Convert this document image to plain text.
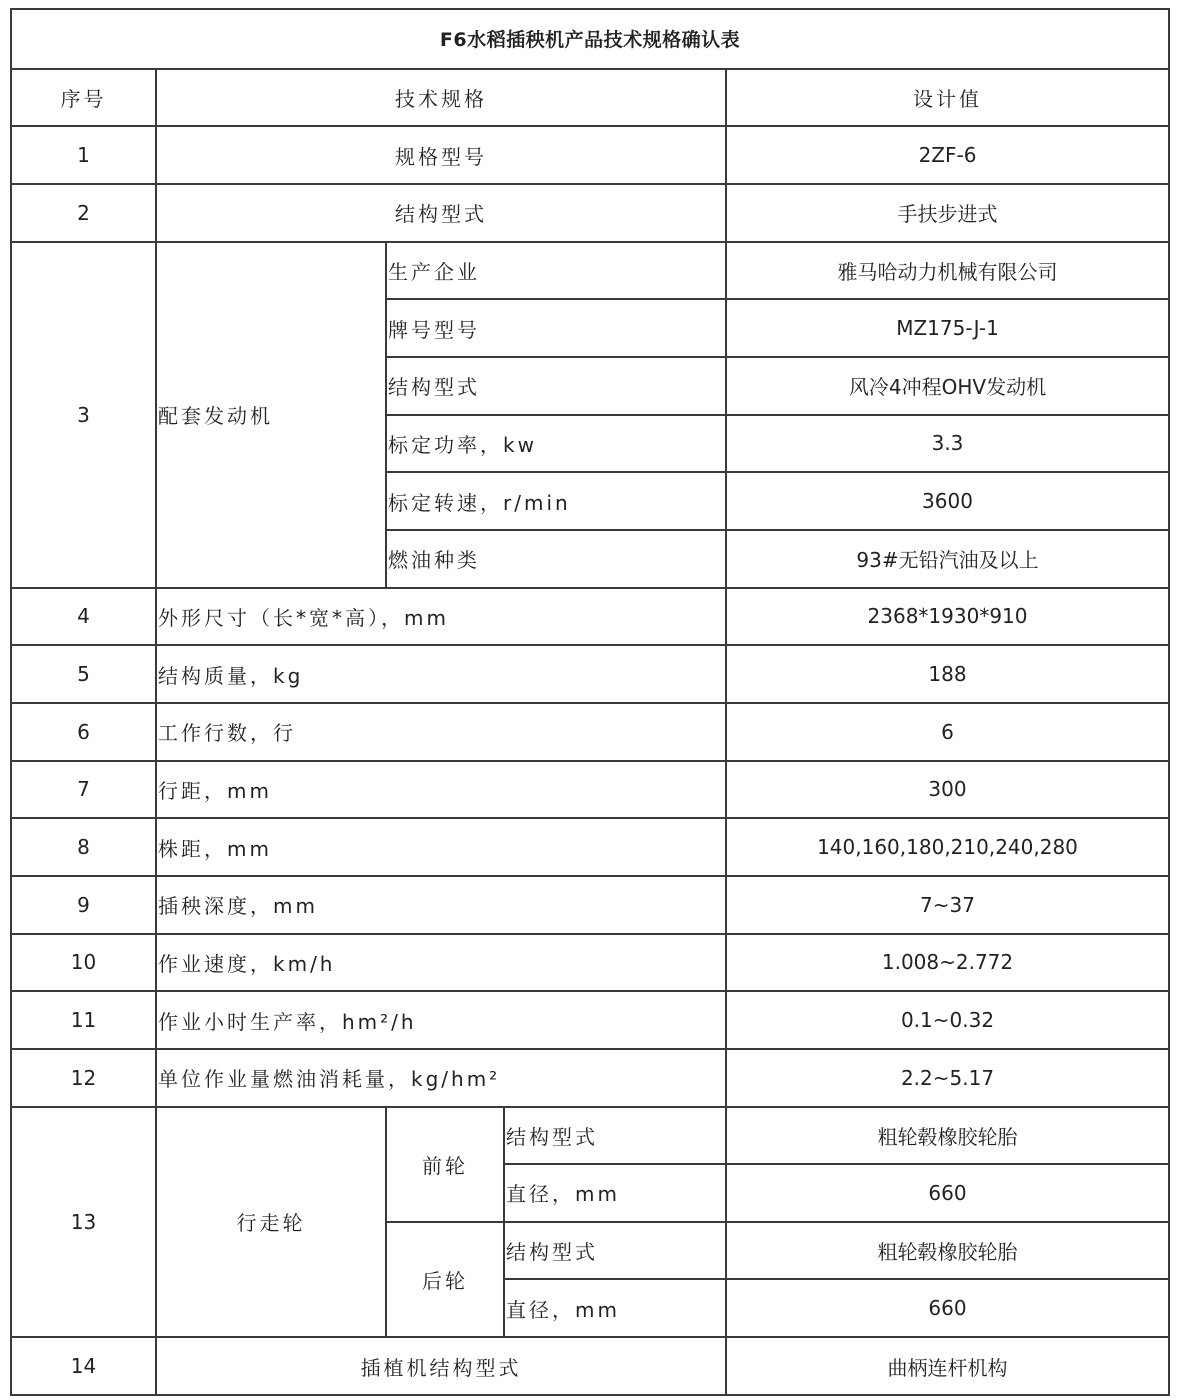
F6水稻插秧机产品技术规格确认表				
序号	技术规格			设计值
1	规格型号			2ZF-6
2	结构型式			手扶步进式
3	配套发动机	生产企业		雅马哈动力机械有限公司
		牌号型号		MZ175-J-1
		结构型式		风冷4冲程OHV发动机
		标定功率，kw		3.3
		标定转速，r/min		3600
		燃油种类		93#无铅汽油及以上
4	外形尺寸（长*宽*高），mm			2368*1930*910
5	结构质量，kg			188
6	工作行数，行			6
7	行距，mm			300
8	株距，mm			140,160,180,210,240,280
9	插秧深度，mm			7~37
10	作业速度，km/h			1.008~2.772
11	作业小时生产率，hm²/h			0.1~0.32
12	单位作业量燃油消耗量，kg/hm²			2.2~5.17
13	行走轮	前轮	结构型式	粗轮毂橡胶轮胎
			直径，mm	660
		后轮	结构型式	粗轮毂橡胶轮胎
			直径，mm	660
14	插植机结构型式			曲柄连杆机构
